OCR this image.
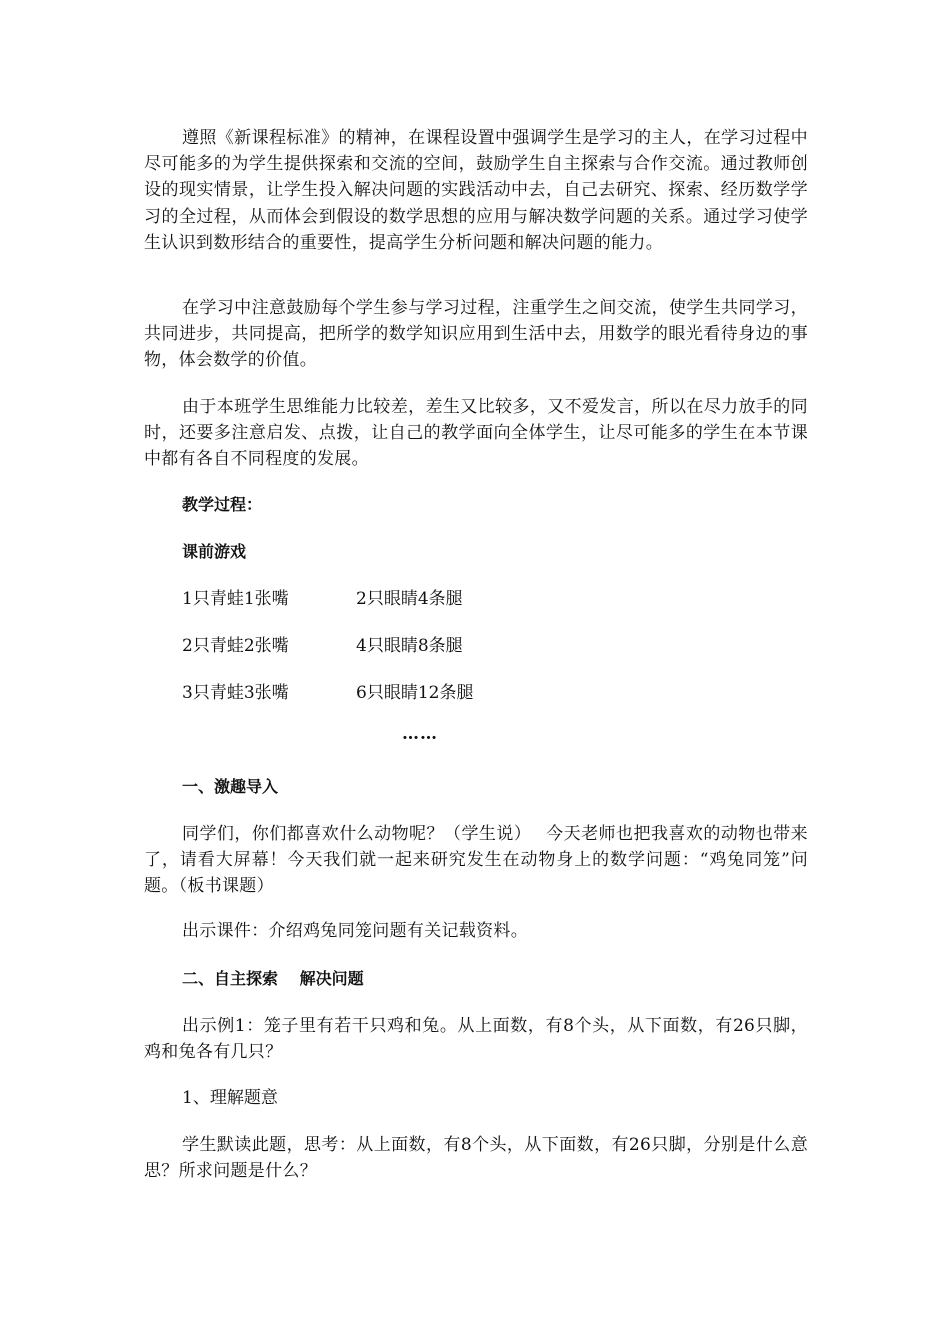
遵照《新课程标准》的精神，在课程设置中强调学生是学习的主人，在学习过程中尽可能多的为学生提供探索和交流的空间，鼓励学生自主探索与合作交流。通过教师创设的现实情景，让学生投入解决问题的实践活动中去，自己去研究、探索、经历数学学习的全过程，从而体会到假设的数学思想的应用与解决数学问题的关系。通过学习使学生认识到数形结合的重要性，提高学生分析问题和解决问题的能力。

在学习中注意鼓励每个学生参与学习过程，注重学生之间交流，使学生共同学习，共同进步，共同提高，把所学的数学知识应用到生活中去，用数学的眼光看待身边的事物，体会数学的价值。

由于本班学生思维能力比较差，差生又比较多，又不爱发言，所以在尽力放手的同时，还要多注意启发、点拨，让自己的教学面向全体学生，让尽可能多的学生在本节课中都有各自不同程度的发展。

教学过程：

课前游戏

1只青蛙1张嘴	2只眼睛4条腿

2只青蛙2张嘴	4只眼睛8条腿

3只青蛙3张嘴	6只眼睛12条腿
……

一、激趣导入

同学们，你们都喜欢什么动物呢？（学生说）　 今天老师也把我喜欢的动物也带来了，请看大屏幕！今天我们就一起来研究发生在动物身上的数学问题：“鸡兔同笼”问题。（板书课题）

出示课件：介绍鸡兔同笼问题有关记载资料。

二、自主探索　 解决问题

出示例1：笼子里有若干只鸡和兔。从上面数，有8个头，从下面数，有26只脚，鸡和兔各有几只？

1、理解题意

学生默读此题，思考：从上面数，有8个头，从下面数，有26只脚，分别是什么意思？所求问题是什么？
